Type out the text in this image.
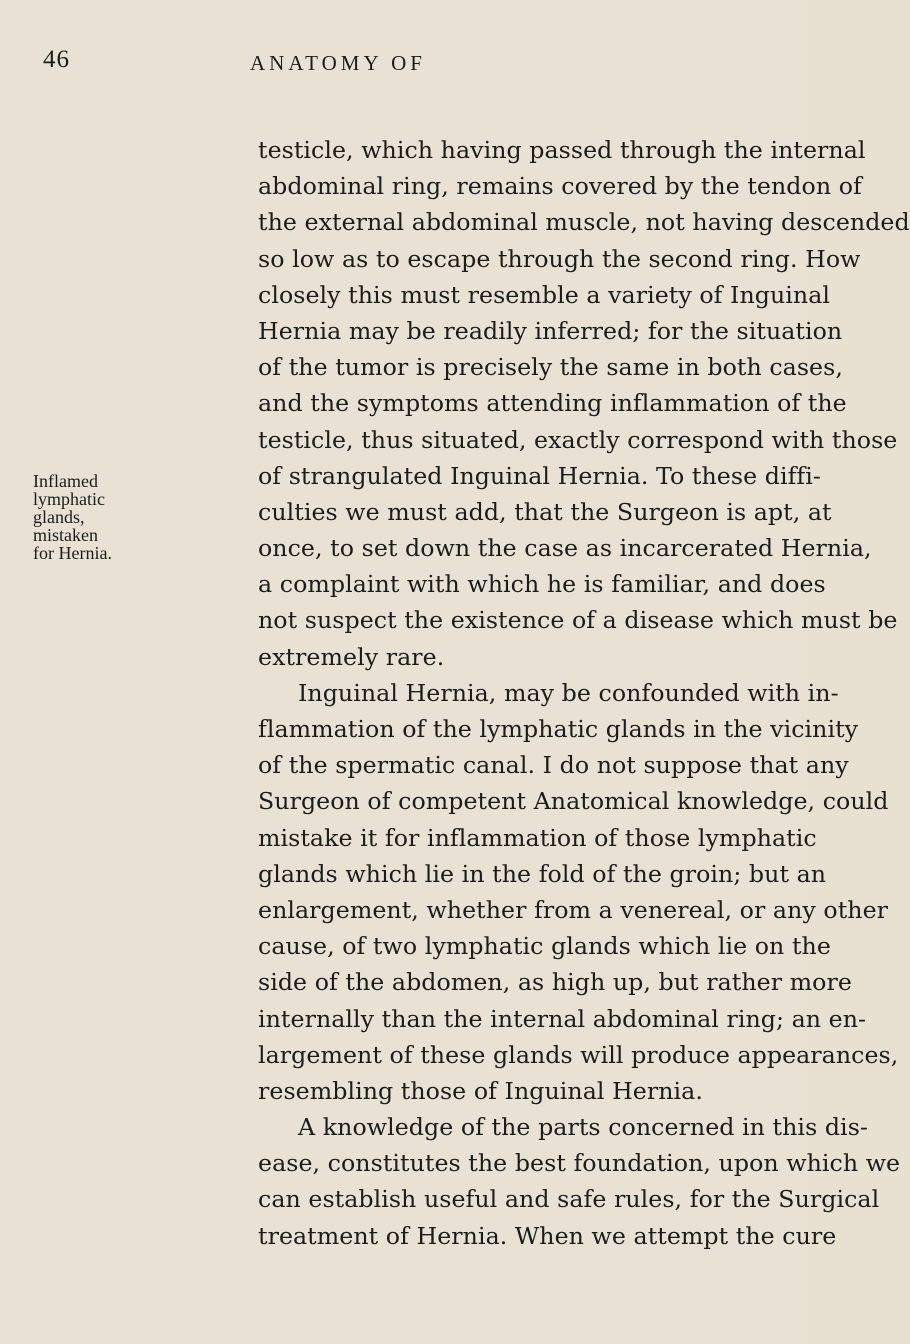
46	ANATOMY OF
Inflamed
lymphatic
glands,
mistaken
for Hernia.
testicle, which having passed through the internal
abdominal ring, remains covered by the tendon of
the external abdominal muscle, not having descended
so low as to escape through the second ring. How
closely this must resemble a variety of Inguinal
Hernia may be readily inferred; for the situation
of the tumor is precisely the same in both cases,
and the symptoms attending inflammation of the
testicle, thus situated, exactly correspond with those
of strangulated Inguinal Hernia. To these diffi-
culties we must add, that the Surgeon is apt, at
once, to set down the case as incarcerated Hernia,
a complaint with which he is familiar, and does
not suspect the existence of a disease which must be
extremely rare.
Inguinal Hernia, may be confounded with in-
flammation of the lymphatic glands in the vicinity
of the spermatic canal. I do not suppose that any
Surgeon of competent Anatomical knowledge, could
mistake it for inflammation of those lymphatic
glands which lie in the fold of the groin; but an
enlargement, whether from a venereal, or any other
cause, of two lymphatic glands which lie on the
side of the abdomen, as high up, but rather more
internally than the internal abdominal ring; an en-
largement of these glands will produce appearances,
resembling those of Inguinal Hernia.
A knowledge of the parts concerned in this dis-
ease, constitutes the best foundation, upon which we
can establish useful and safe rules, for the Surgical
treatment of Hernia. When we attempt the cure
